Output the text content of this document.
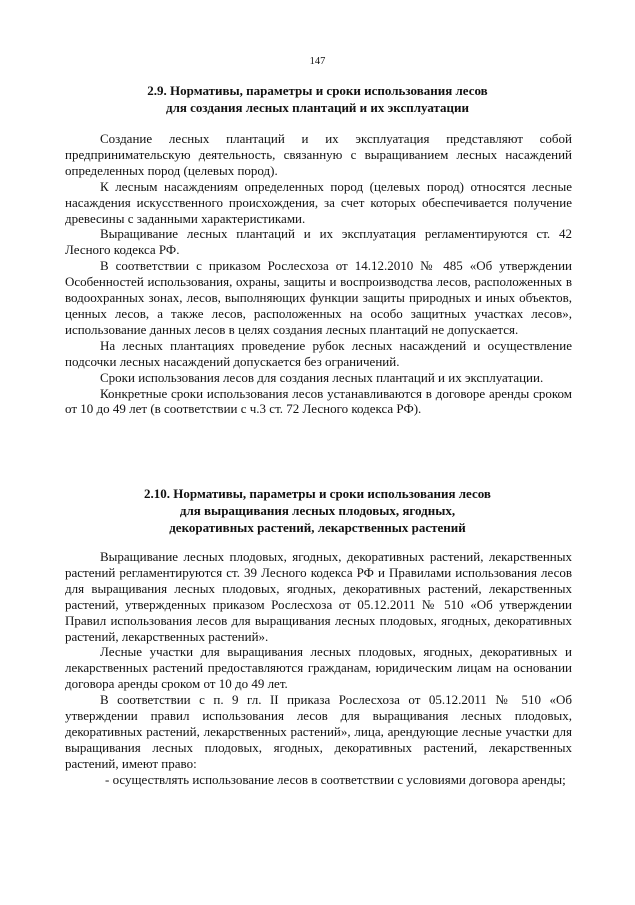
147
2.9. Нормативы, параметры и сроки использования лесов
для создания лесных плантаций и их эксплуатации

Создание лесных плантаций и их эксплуатация представляют собой предпринимательскую деятельность, связанную с выращиванием лесных насаждений определенных пород (целевых пород).

К лесным насаждениям определенных пород (целевых пород) относятся лесные насаждения искусственного происхождения, за счет которых обеспечивается получение древесины с заданными характеристиками.

Выращивание лесных плантаций и их эксплуатация регламентируются ст. 42 Лесного кодекса РФ.

В соответствии с приказом Рослесхоза от 14.12.2010 № 485 «Об утверждении Особенностей использования, охраны, защиты и воспроизводства лесов, расположенных в водоохранных зонах, лесов, выполняющих функции защиты природных и иных объектов, ценных лесов, а также лесов, расположенных на особо защитных участках лесов», использование данных лесов в целях создания лесных плантаций не допускается.

На лесных плантациях проведение рубок лесных насаждений и осуществление подсочки лесных насаждений допускается без ограничений.

Сроки использования лесов для создания лесных плантаций и их эксплуатации.

Конкретные сроки использования лесов устанавливаются в договоре аренды сроком от 10 до 49 лет (в соответствии с ч.3 ст. 72 Лесного кодекса РФ).

2.10. Нормативы, параметры и сроки использования лесов
для выращивания лесных плодовых, ягодных,
декоративных растений, лекарственных растений

Выращивание лесных плодовых, ягодных, декоративных растений, лекарственных растений регламентируются ст. 39 Лесного кодекса РФ и Правилами использования лесов для выращивания лесных плодовых, ягодных, декоративных растений, лекарственных растений, утвержденных приказом Рослесхоза от 05.12.2011 № 510 «Об утверждении Правил использования лесов для выращивания лесных плодовых, ягодных, декоративных растений, лекарственных растений».

Лесные участки для выращивания лесных плодовых, ягодных, декоративных и лекарственных растений предоставляются гражданам, юридическим лицам на основании договора аренды сроком от 10 до 49 лет.

В соответствии с п. 9 гл. II приказа Рослесхоза от 05.12.2011 № 510 «Об утверждении правил использования лесов для выращивания лесных плодовых, декоративных растений, лекарственных растений», лица, арендующие лесные участки для выращивания лесных плодовых, ягодных, декоративных растений, лекарственных растений, имеют право:

- осуществлять использование лесов в соответствии с условиями договора аренды;
